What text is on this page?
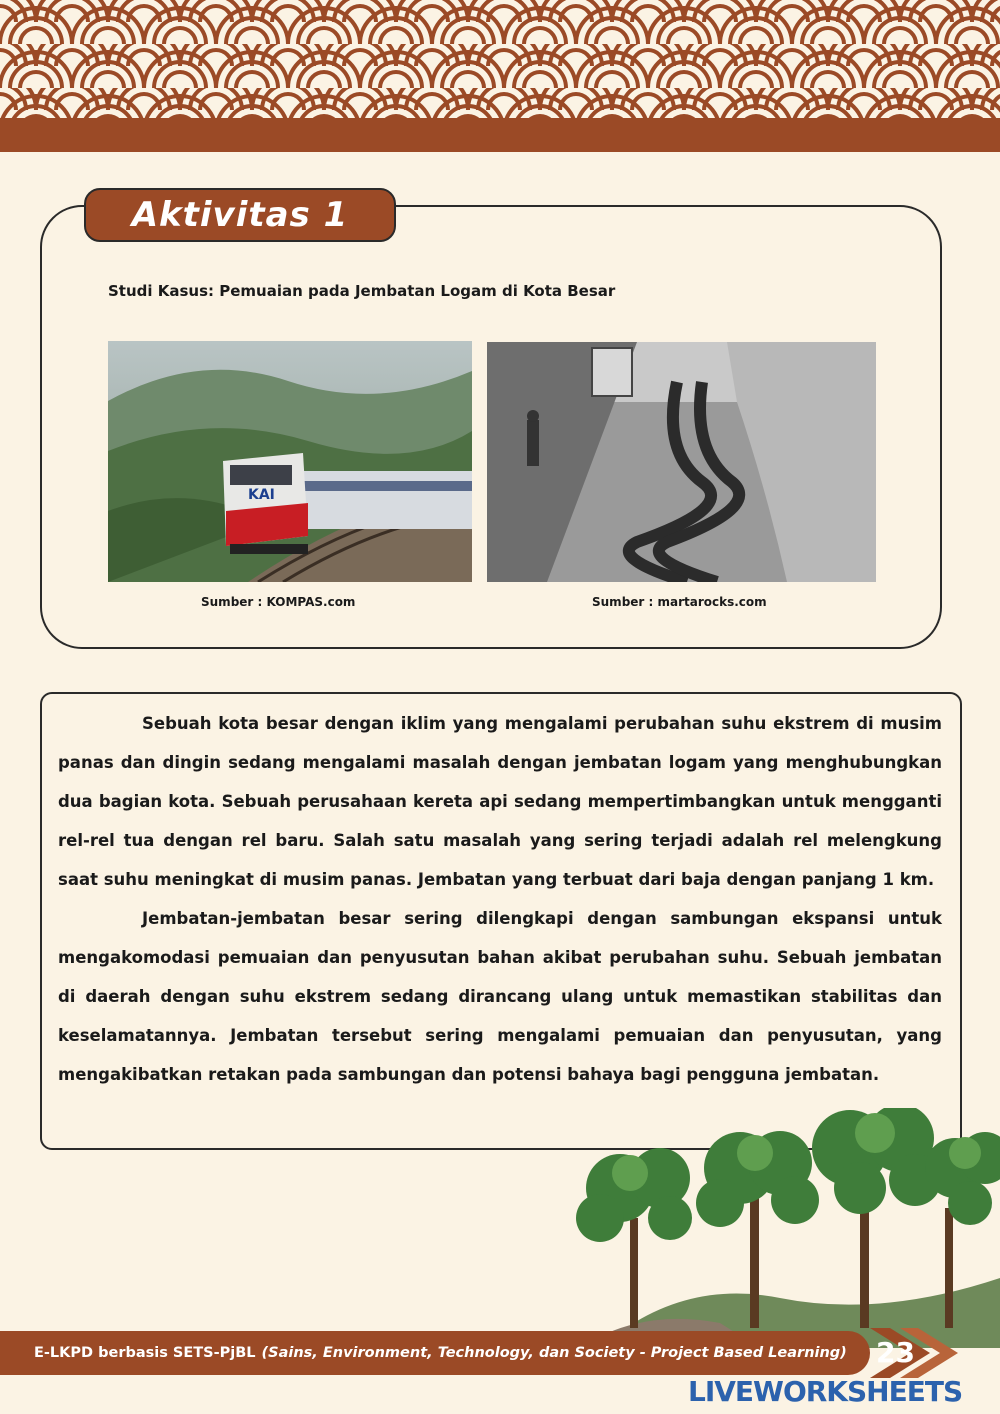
Aktivitas 1
Studi Kasus: Pemuaian pada Jembatan Logam di Kota Besar
KAI
Sumber : KOMPAS.com	Sumber : martarocks.com

Sebuah kota besar dengan iklim yang mengalami perubahan suhu ekstrem di musim panas dan dingin sedang mengalami masalah dengan jembatan logam yang menghubungkan dua bagian kota. Sebuah perusahaan kereta api sedang mempertimbangkan untuk mengganti rel-rel tua dengan rel baru. Salah satu masalah yang sering terjadi adalah rel melengkung saat suhu meningkat di musim panas. Jembatan yang terbuat dari baja dengan panjang 1 km.

Jembatan-jembatan besar sering dilengkapi dengan sambungan ekspansi untuk mengakomodasi pemuaian dan penyusutan bahan akibat perubahan suhu. Sebuah jembatan di daerah dengan suhu ekstrem sedang dirancang ulang untuk memastikan stabilitas dan keselamatannya. Jembatan tersebut sering mengalami pemuaian dan penyusutan, yang mengakibatkan retakan pada sambungan dan potensi bahaya bagi pengguna jembatan.

E-LKPD berbasis SETS-PjBL (Sains, Environment, Technology, dan Society - Project Based Learning) 23
LIVEWORKSHEETS
